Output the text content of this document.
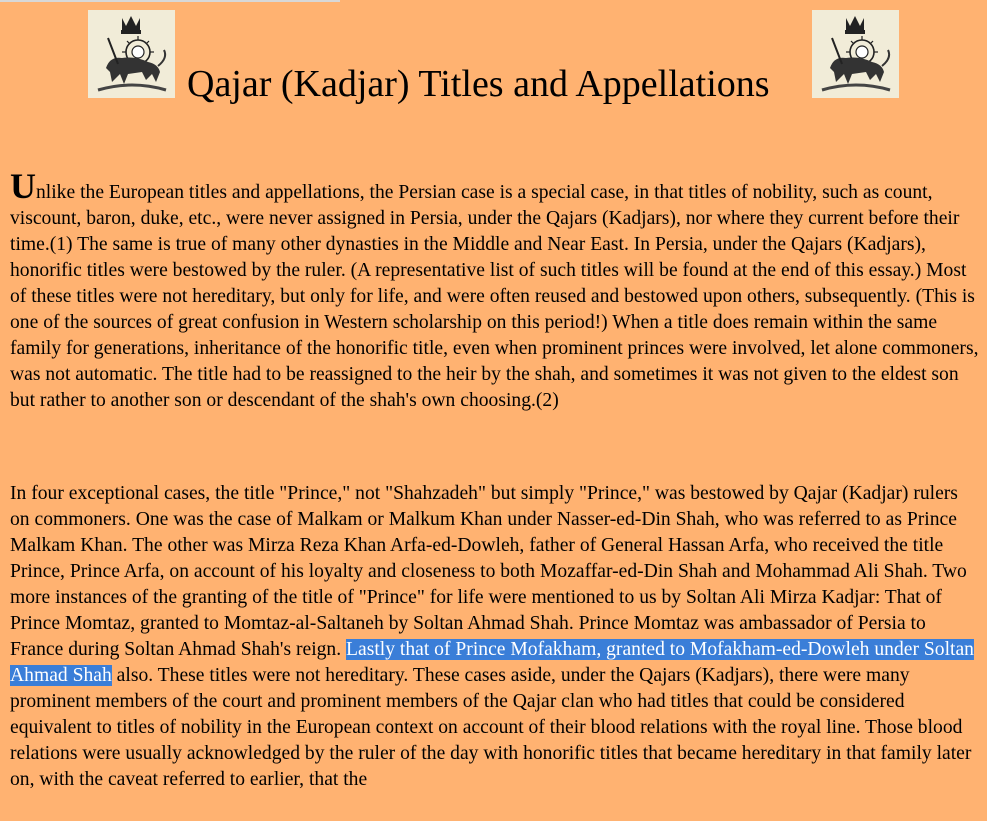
Qajar (Kadjar) Titles and Appellations

Unlike the European titles and appellations, the Persian case is a special case, in that titles of nobility, such as count, viscount, baron, duke, etc., were never assigned in Persia, under the Qajars (Kadjars), nor where they current before their time.(1) The same is true of many other dynasties in the Middle and Near East. In Persia, under the Qajars (Kadjars), honorific titles were bestowed by the ruler. (A representative list of such titles will be found at the end of this essay.) Most of these titles were not hereditary, but only for life, and were often reused and bestowed upon others, subsequently. (This is one of the sources of great confusion in Western scholarship on this period!) When a title does remain within the same family for generations, inheritance of the honorific title, even when prominent princes were involved, let alone commoners, was not automatic. The title had to be reassigned to the heir by the shah, and sometimes it was not given to the eldest son but rather to another son or descendant of the shah's own choosing.(2)

In four exceptional cases, the title "Prince," not "Shahzadeh" but simply "Prince," was bestowed by Qajar (Kadjar) rulers on commoners. One was the case of Malkam or Malkum Khan under Nasser-ed-Din Shah, who was referred to as Prince Malkam Khan. The other was Mirza Reza Khan Arfa-ed-Dowleh, father of General Hassan Arfa, who received the title Prince, Prince Arfa, on account of his loyalty and closeness to both Mozaffar-ed-Din Shah and Mohammad Ali Shah. Two more instances of the granting of the title of "Prince" for life were mentioned to us by Soltan Ali Mirza Kadjar: That of Prince Momtaz, granted to Momtaz-al-Saltaneh by Soltan Ahmad Shah. Prince Momtaz was ambassador of Persia to France during Soltan Ahmad Shah's reign. Lastly that of Prince Mofakham, granted to Mofakham-ed-Dowleh under Soltan Ahmad Shah also. These titles were not hereditary. These cases aside, under the Qajars (Kadjars), there were many prominent members of the court and prominent members of the Qajar clan who had titles that could be considered equivalent to titles of nobility in the European context on account of their blood relations with the royal line. Those blood relations were usually acknowledged by the ruler of the day with honorific titles that became hereditary in that family later on, with the caveat referred to earlier, that the
